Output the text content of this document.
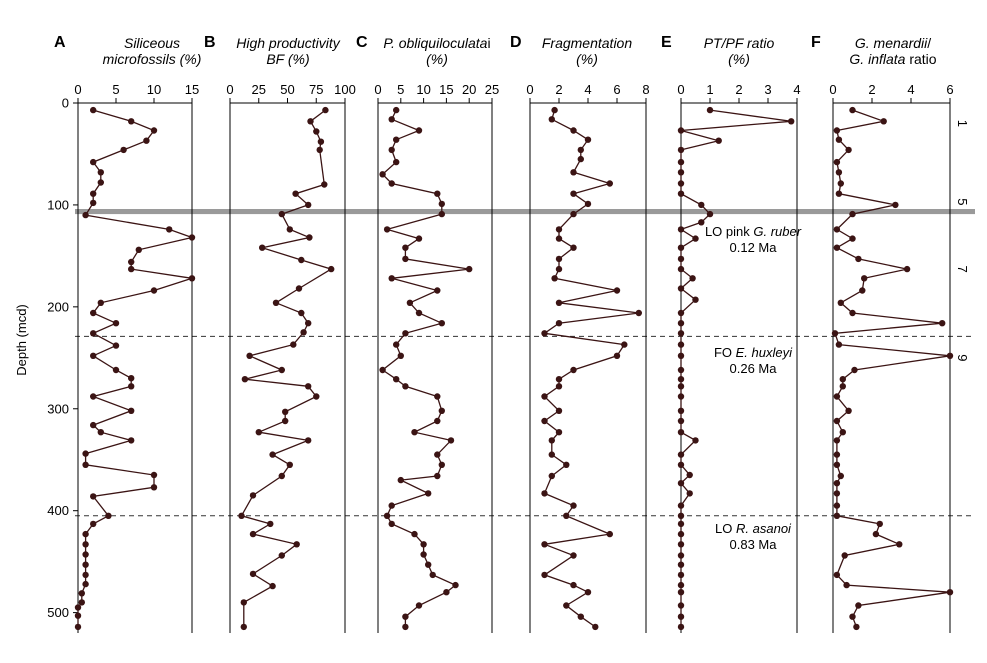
Depth (mcd)
0
100
200
300
400
500
0 5 10 15
A	Siliceous
microfossils (%)
0 25 50 75 100
B High productivity
BF (%)
0 5 10 15 20 25
C P. obliquiloculatai
(%)
0 2 4 6 8
D Fragmentation
(%)
0 1 2 3 4
E PT/PF ratio
(%)
0 2 4 6
F G. menardii/
G. inflata ratio
LO pink G. ruber
0.12 Ma
FO E. huxleyi
0.26 Ma
LO R. asanoi
0.83 Ma
1
5
7
9
